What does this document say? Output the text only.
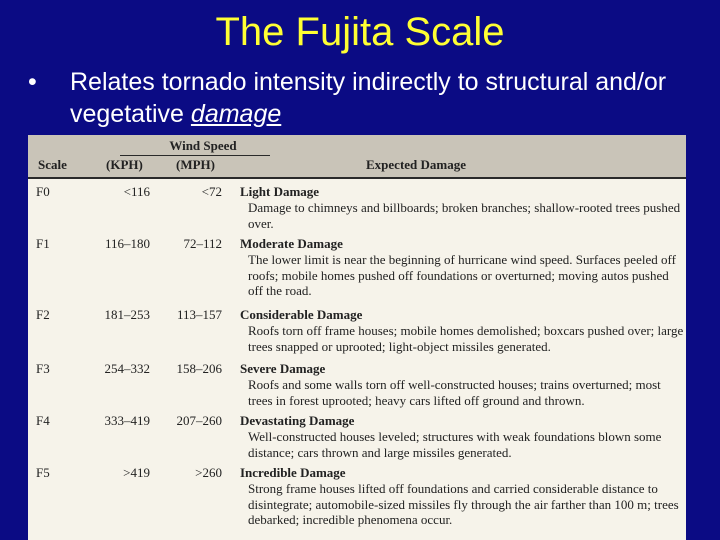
The Fujita Scale
•	Relates tornado intensity indirectly to structural and/or vegetative damage
Scale
Wind Speed
(KPH)	(MPH)	Expected Damage
F0	<116	<72 Light Damage
Damage to chimneys and billboards; broken branches; shallow-rooted trees pushed over.
F1	116–180	72–112 Moderate Damage
The lower limit is near the beginning of hurricane wind speed. Surfaces peeled off roofs; mobile homes pushed off foundations or overturned; moving autos pushed off the road.
F2	181–253	113–157 Considerable Damage
Roofs torn off frame houses; mobile homes demolished; boxcars pushed over; large trees snapped or uprooted; light-object missiles generated.
F3	254–332	158–206 Severe Damage
Roofs and some walls torn off well-constructed houses; trains overturned; most trees in forest uprooted; heavy cars lifted off ground and thrown.
F4	333–419	207–260 Devastating Damage
Well-constructed houses leveled; structures with weak foundations blown some distance; cars thrown and large missiles generated.
F5	>419	>260 Incredible Damage
Strong frame houses lifted off foundations and carried considerable distance to disintegrate; automobile-sized missiles fly through the air farther than 100 m; trees debarked; incredible phenomena occur.
